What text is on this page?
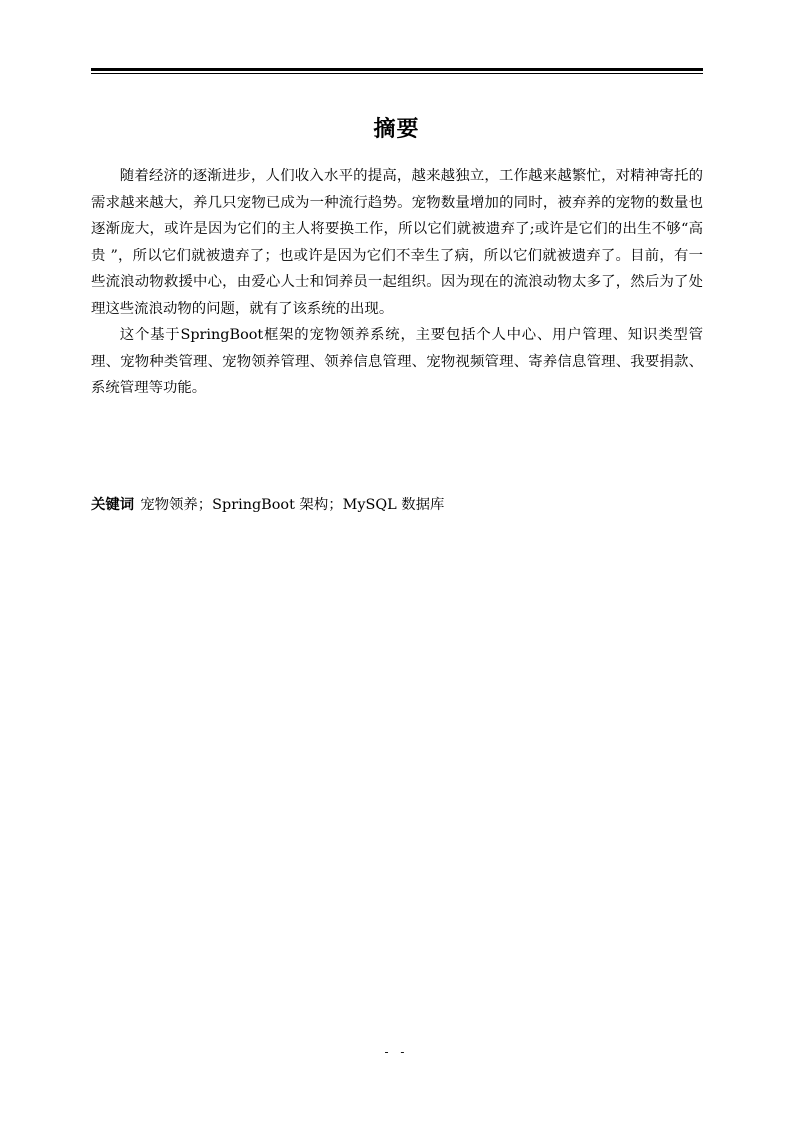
摘要

随着经济的逐渐进步，人们收入水平的提高，越来越独立，工作越来越繁忙，对精神寄托的需求越来越大，养几只宠物已成为一种流行趋势。宠物数量增加的同时，被弃养的宠物的数量也逐渐庞大，或许是因为它们的主人将要换工作，所以它们就被遗弃了;或许是它们的出生不够“高贵 ”，所以它们就被遗弃了；也或许是因为它们不幸生了病，所以它们就被遗弃了。目前，有一些流浪动物救援中心，由爱心人士和饲养员一起组织。因为现在的流浪动物太多了，然后为了处理这些流浪动物的问题，就有了该系统的出现。

这个基于SpringBoot框架的宠物领养系统，主要包括个人中心、用户管理、知识类型管理、宠物种类管理、宠物领养管理、领养信息管理、宠物视频管理、寄养信息管理、我要捐款、系统管理等功能。

关键词 宠物领养；SpringBoot 架构；MySQL 数据库

- -
